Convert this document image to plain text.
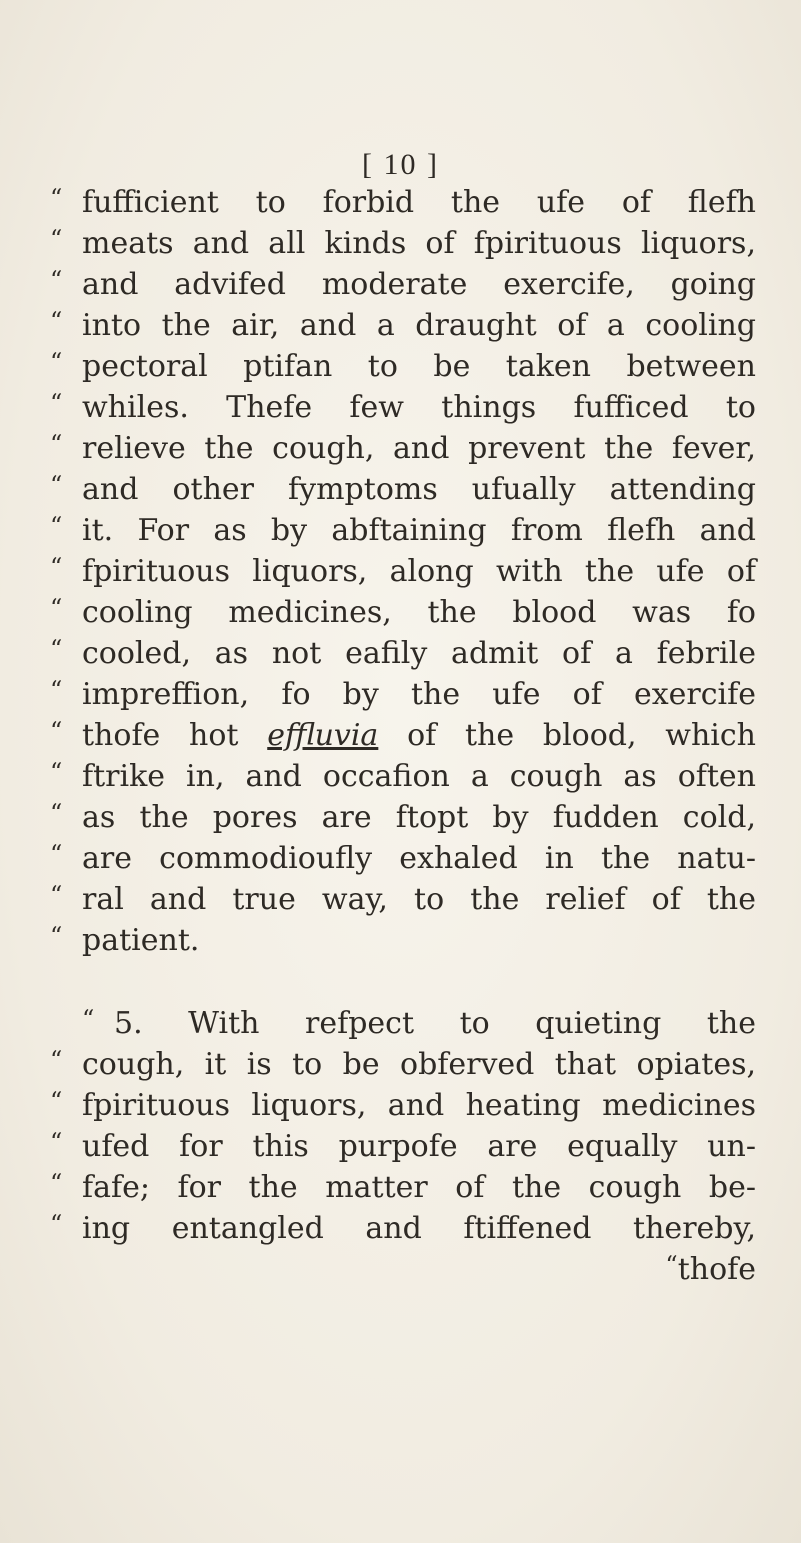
[ 10 ]
“ fufficient to forbid the ufe of flefh
“ meats and all kinds of fpirituous liquors,
“ and advifed moderate exercife, going
“ into the air, and a draught of a cooling
“ pectoral ptifan to be taken between
“ whiles. Thefe few things fufficed to
“ relieve the cough, and prevent the fever,
“ and other fymptoms ufually attending
“ it. For as by abftaining from flefh and
“ fpirituous liquors, along with the ufe of
“ cooling medicines, the blood was fo
“ cooled, as not eafily admit of a febrile
“ impreffion, fo by the ufe of exercife
“ thofe hot effluvia of the blood, which
“ ftrike in, and occafion a cough as often
“ as the pores are ftopt by fudden cold,
“ are commodioufly exhaled in the natu-
“ ral and true way, to the relief of the
“ patient.
“ 5. With refpect to quieting the
“ cough, it is to be obferved that opiates,
“ fpirituous liquors, and heating medicines
“ ufed for this purpofe are equally un-
“ fafe; for the matter of the cough be-
“ ing entangled and ftiffened thereby,
“thofe
